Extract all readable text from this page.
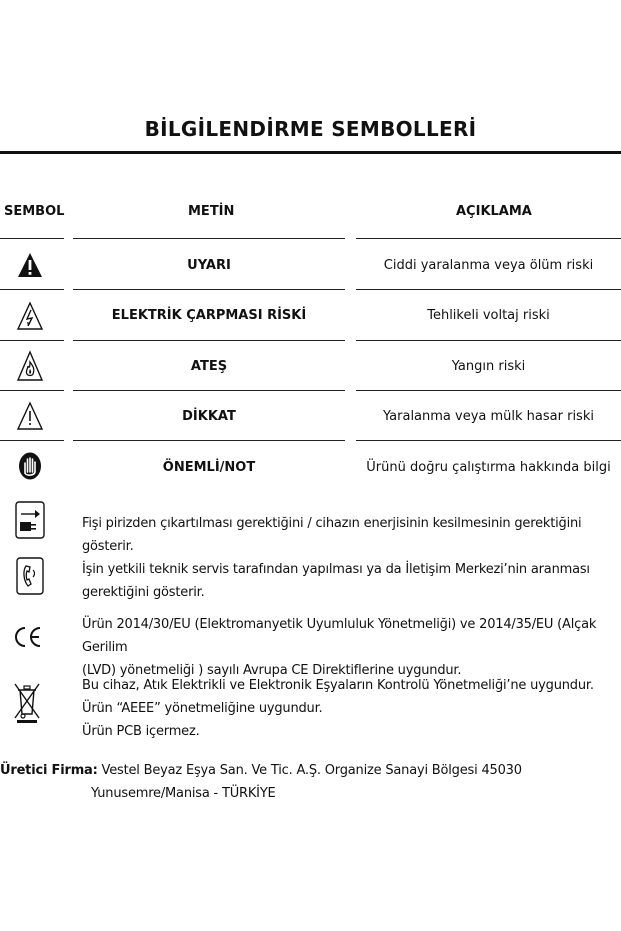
BİLGİLENDİRME SEMBOLLERİ
SEMBOL	METİN	AÇIKLAMA
UYARI	Ciddi yaralanma veya ölüm riski
ELEKTRİK ÇARPMASI RİSKİ	Tehlikeli voltaj riski
ATEŞ	Yangın riski
DİKKAT	Yaralanma veya mülk hasar riski
ÖNEMLİ/NOT	Ürünü doğru çalıştırma hakkında bilgi
Fişi pirizden çıkartılması gerektiğini / cihazın enerjisinin kesilmesinin gerektiğini gösterir.
İşin yetkili teknik servis tarafından yapılması ya da İletişim Merkezi’nin aranması
gerektiğini gösterir.
Ürün 2014/30/EU (Elektromanyetik Uyumluluk Yönetmeliği) ve 2014/35/EU (Alçak Gerilim
(LVD) yönetmeliği ) sayılı Avrupa CE Direktiflerine uygundur.
Bu cihaz, Atık Elektrikli ve Elektronik Eşyaların Kontrolü Yönetmeliği’ne uygundur.
Ürün “AEEE” yönetmeliğine uygundur.
Ürün PCB içermez.
Üretici Firma: Vestel Beyaz Eşya San. Ve Tic. A.Ş. Organize Sanayi Bölgesi 45030
Yunusemre/Manisa - TÜRKİYE
